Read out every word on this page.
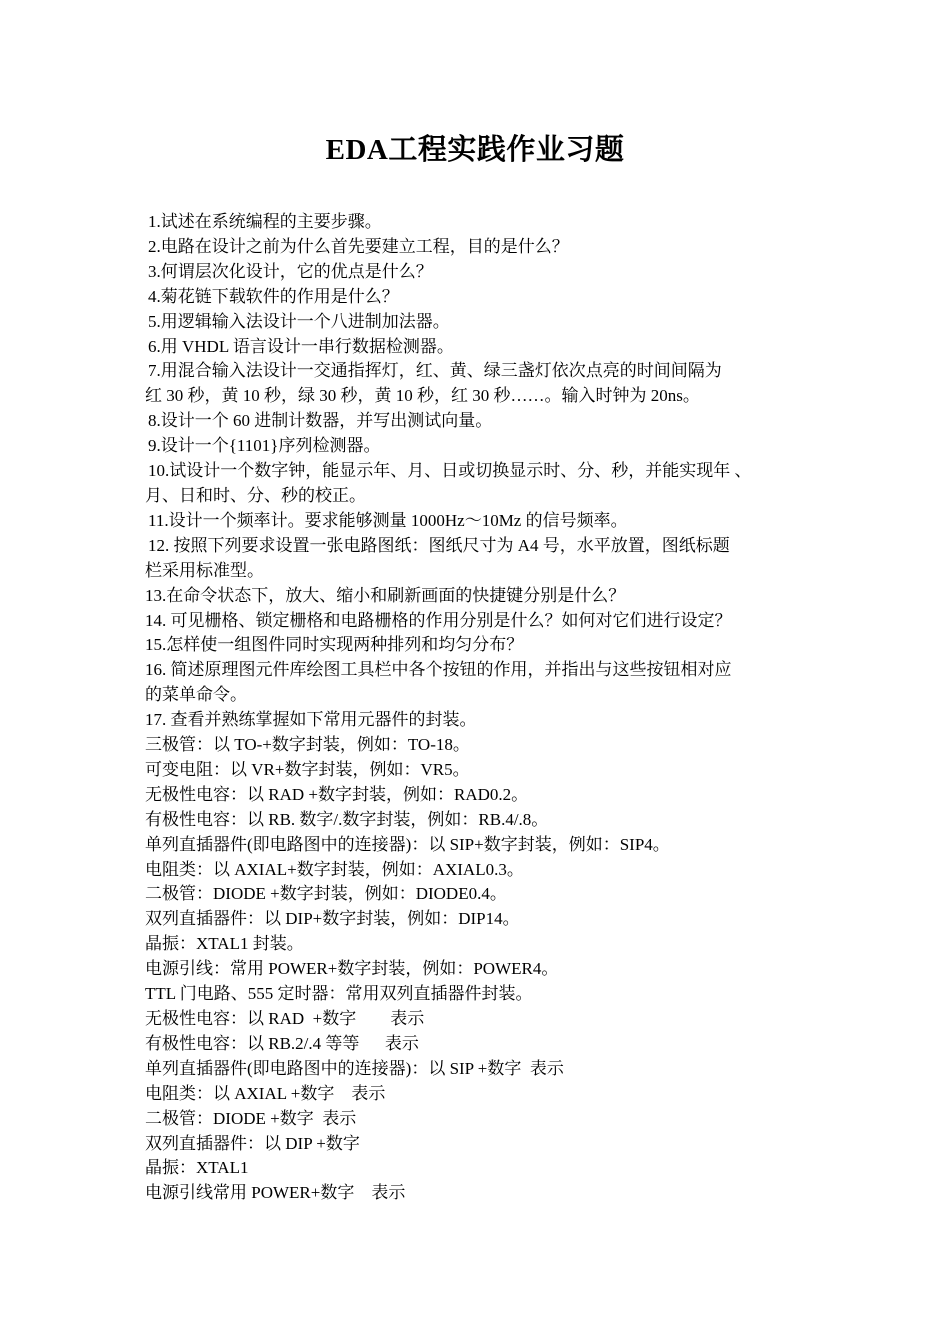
EDA工程实践作业习题
1.试述在系统编程的主要步骤。
2.电路在设计之前为什么首先要建立工程，目的是什么？
3.何谓层次化设计，它的优点是什么？
4.菊花链下载软件的作用是什么？
5.用逻辑输入法设计一个八进制加法器。
6.用 VHDL 语言设计一串行数据检测器。
7.用混合输入法设计一交通指挥灯，红、黄、绿三盏灯依次点亮的时间间隔为
红 30 秒，黄 10 秒，绿 30 秒，黄 10 秒，红 30 秒……。输入时钟为 20ns。
8.设计一个 60 进制计数器，并写出测试向量。
9.设计一个{1101}序列检测器。
10.试设计一个数字钟，能显示年、月、日或切换显示时、分、秒，并能实现年 、
月、日和时、分、秒的校正。
11.设计一个频率计。要求能够测量 1000Hz～10Mz 的信号频率。
12. 按照下列要求设置一张电路图纸：图纸尺寸为 A4 号，水平放置，图纸标题
栏采用标准型。
13.在命令状态下，放大、缩小和刷新画面的快捷键分别是什么？
14. 可见栅格、锁定栅格和电路栅格的作用分别是什么？如何对它们进行设定？
15.怎样使一组图件同时实现两种排列和均匀分布？
16. 简述原理图元件库绘图工具栏中各个按钮的作用，并指出与这些按钮相对应
的菜单命令。
17. 查看并熟练掌握如下常用元器件的封装。
三极管：以 TO-+数字封装，例如：TO-18。
可变电阻：以 VR+数字封装，例如：VR5。
无极性电容：以 RAD +数字封装，例如：RAD0.2。
有极性电容：以 RB. 数字/.数字封装，例如：RB.4/.8。
单列直插器件(即电路图中的连接器)：以 SIP+数字封装，例如：SIP4。
电阻类：以 AXIAL+数字封装，例如：AXIAL0.3。
二极管：DIODE +数字封装，例如：DIODE0.4。
双列直插器件：以 DIP+数字封装，例如：DIP14。
晶振：XTAL1 封装。
电源引线：常用 POWER+数字封装，例如：POWER4。
TTL 门电路、555 定时器：常用双列直插器件封装。
无极性电容：以 RAD  +数字        表示
有极性电容：以 RB.2/.4 等等      表示
单列直插器件(即电路图中的连接器)：以 SIP +数字  表示
电阻类：以 AXIAL +数字    表示
二极管：DIODE +数字  表示
双列直插器件：以 DIP +数字
晶振：XTAL1
电源引线常用 POWER+数字    表示
